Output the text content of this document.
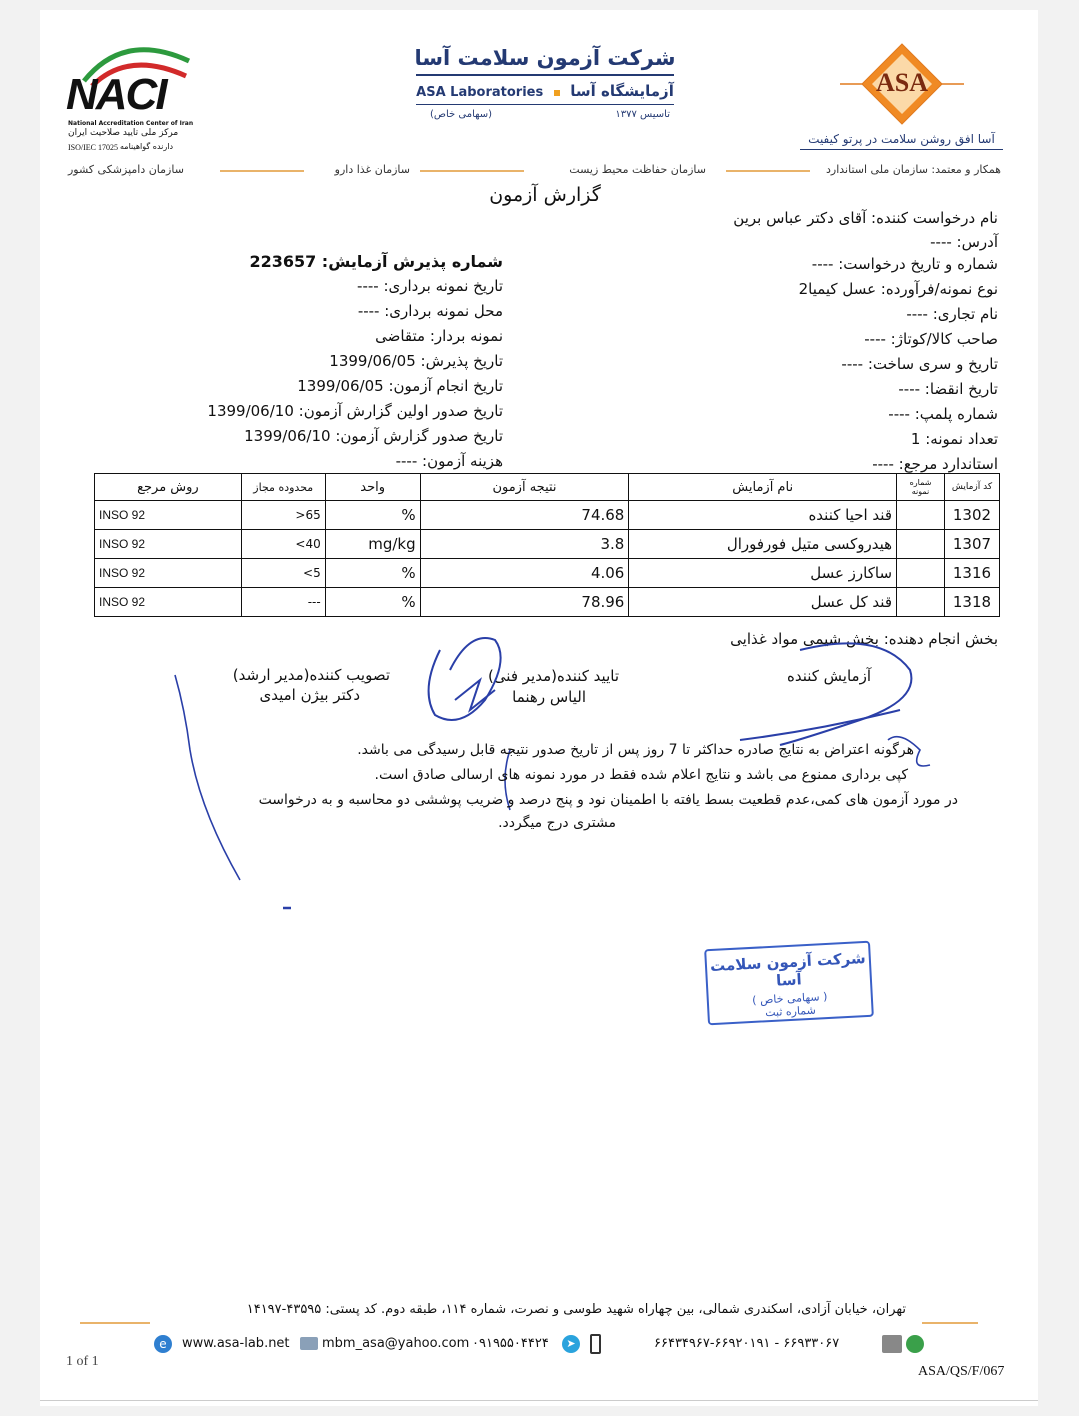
NACI
National Accreditation Center of Iran
مرکز ملی تایید صلاحیت ایران
دارنده گواهینامه
ISO/IEC 17025
شرکت آزمون سلامت آسا
آزمایشگاه آسا  ASA Laboratories
تاسیس ۱۳۷۷
(سهامی خاص)
ASA
آسا افق روشن سلامت در پرتو کیفیت
همکار و معتمد: سازمان ملی استاندارد
سازمان حفاظت محیط زیست
سازمان غذا دارو
سازمان دامپزشکی کشور
گزارش آزمون
نام درخواست کننده: آقای دکتر عباس برین
آدرس: ----
شماره و تاریخ درخواست: ----
نوع نمونه/فرآورده: عسل کیمیا2
نام تجاری: ----
صاحب کالا/کوتاژ: ----
تاریخ و سری ساخت: ----
تاریخ انقضا: ----
شماره پلمپ: ----
تعداد نمونه: 1
استاندارد مرجع: ----
شماره پذیرش آزمایش: 223657
تاریخ نمونه برداری: ----
محل نمونه برداری: ----
نمونه بردار: متقاضی
تاریخ پذیرش: 1399/06/05
تاریخ انجام آزمون: 1399/06/05
تاریخ صدور اولین گزارش آزمون: 1399/06/10
تاریخ صدور گزارش آزمون: 1399/06/10
هزینه آزمون: ----
روش مرجع	محدوده مجاز	واحد	نتیجه آزمون	نام آزمایش	شماره نمونه	کد آزمایش
INSO 92	>65	%	74.68	قند احیا کننده		1302
INSO 92	<40	mg/kg	3.8	هیدروکسی متیل فورفورال		1307
INSO 92	<5	%	4.06	ساکارز عسل		1316
INSO 92	---	%	78.96	قند کل عسل		1318
بخش انجام دهنده: بخش شیمی مواد غذایی
آزمایش کننده
تایید کننده(مدیر فنی)
الیاس رهنما
تصویب کننده(مدیر ارشد)
دکتر بیژن امیدی
هرگونه اعتراض به نتایج صادره حداکثر تا 7 روز پس از تاریخ صدور نتیجه قابل رسیدگی می باشد.
کپی برداری ممنوع می باشد و نتایج اعلام شده فقط در مورد نمونه های ارسالی صادق است.
در مورد آزمون های کمی،عدم قطعیت بسط یافته با اطمینان نود و پنج درصد و ضریب پوششی دو محاسبه و به درخواست
مشتری درج میگردد.
شرکت آزمون سلامت آسا
( سهامی خاص )
شماره ثبت
تهران، خیابان آزادی، اسکندری شمالی، بین چهاراه شهید طوسی و نصرت، شماره ۱۱۴، طبقه دوم. کد پستی: ۴۳۵۹۵-۱۴۱۹۷
e	www.asa-lab.net mbm_asa@yahoo.com ۰۹۱۹۵۵۰۴۴۲۴	➤	۶۶۴۳۴۹۶۷-۶۶۹۲۰۱۹۱ - ۶۶۹۳۳۰۶۷
1 of 1
ASA/QS/F/067
